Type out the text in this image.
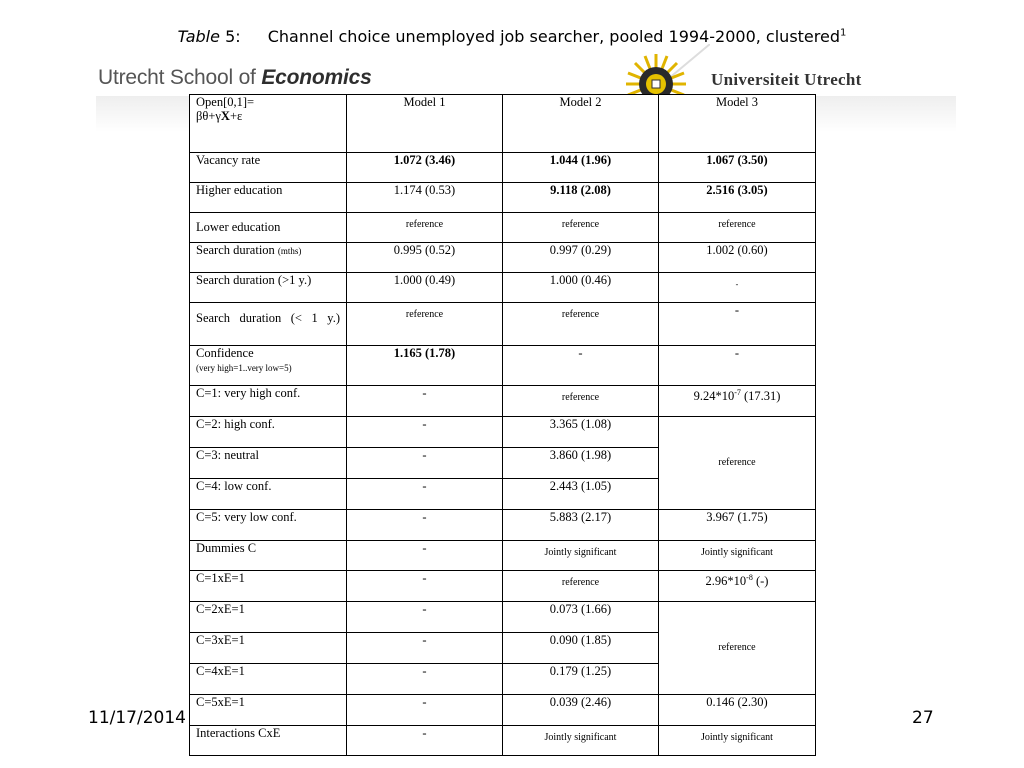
Table 5: Channel choice unemployed job searcher, pooled 1994-2000, clustered$^1$
Utrecht School of Economics	Universiteit Utrecht
Open[0,1]=
βθ+γX+ε	Model 1	Model 2	Model 3
Vacancy rate	1.072 (3.46)	1.044 (1.96)	1.067 (3.50)
Higher education	1.174 (0.53)	9.118 (2.08)	2.516 (3.05)
Lower education	reference	reference	reference
Search duration (mths)	0.995 (0.52)	0.997 (0.29)	1.002 (0.60)
Search duration (>1 y.)	1.000 (0.49)	1.000 (0.46)	-
Search duration (< 1 y.)	reference	reference	-
Confidence
(very high=1..very low=5)	1.165 (1.78)	-	-
C=1: very high conf.	-	reference	$9.24*10^{-7}$ (17.31)
C=2: high conf.	-	3.365 (1.08)	reference
C=3: neutral	-	3.860 (1.98)	
C=4: low conf.	-	2.443 (1.05)	
C=5: very low conf.	-	5.883 (2.17)	3.967 (1.75)
Dummies C	-	Jointly significant	Jointly significant
C=1xE=1	-	reference	$2.96*10^{-8}$ (-)
C=2xE=1	-	0.073 (1.66)	reference
C=3xE=1	-	0.090 (1.85)	
C=4xE=1	-	0.179 (1.25)	
C=5xE=1	-	0.039 (2.46)	0.146 (2.30)
Interactions CxE	-	Jointly significant	Jointly significant
11/17/2014	27
